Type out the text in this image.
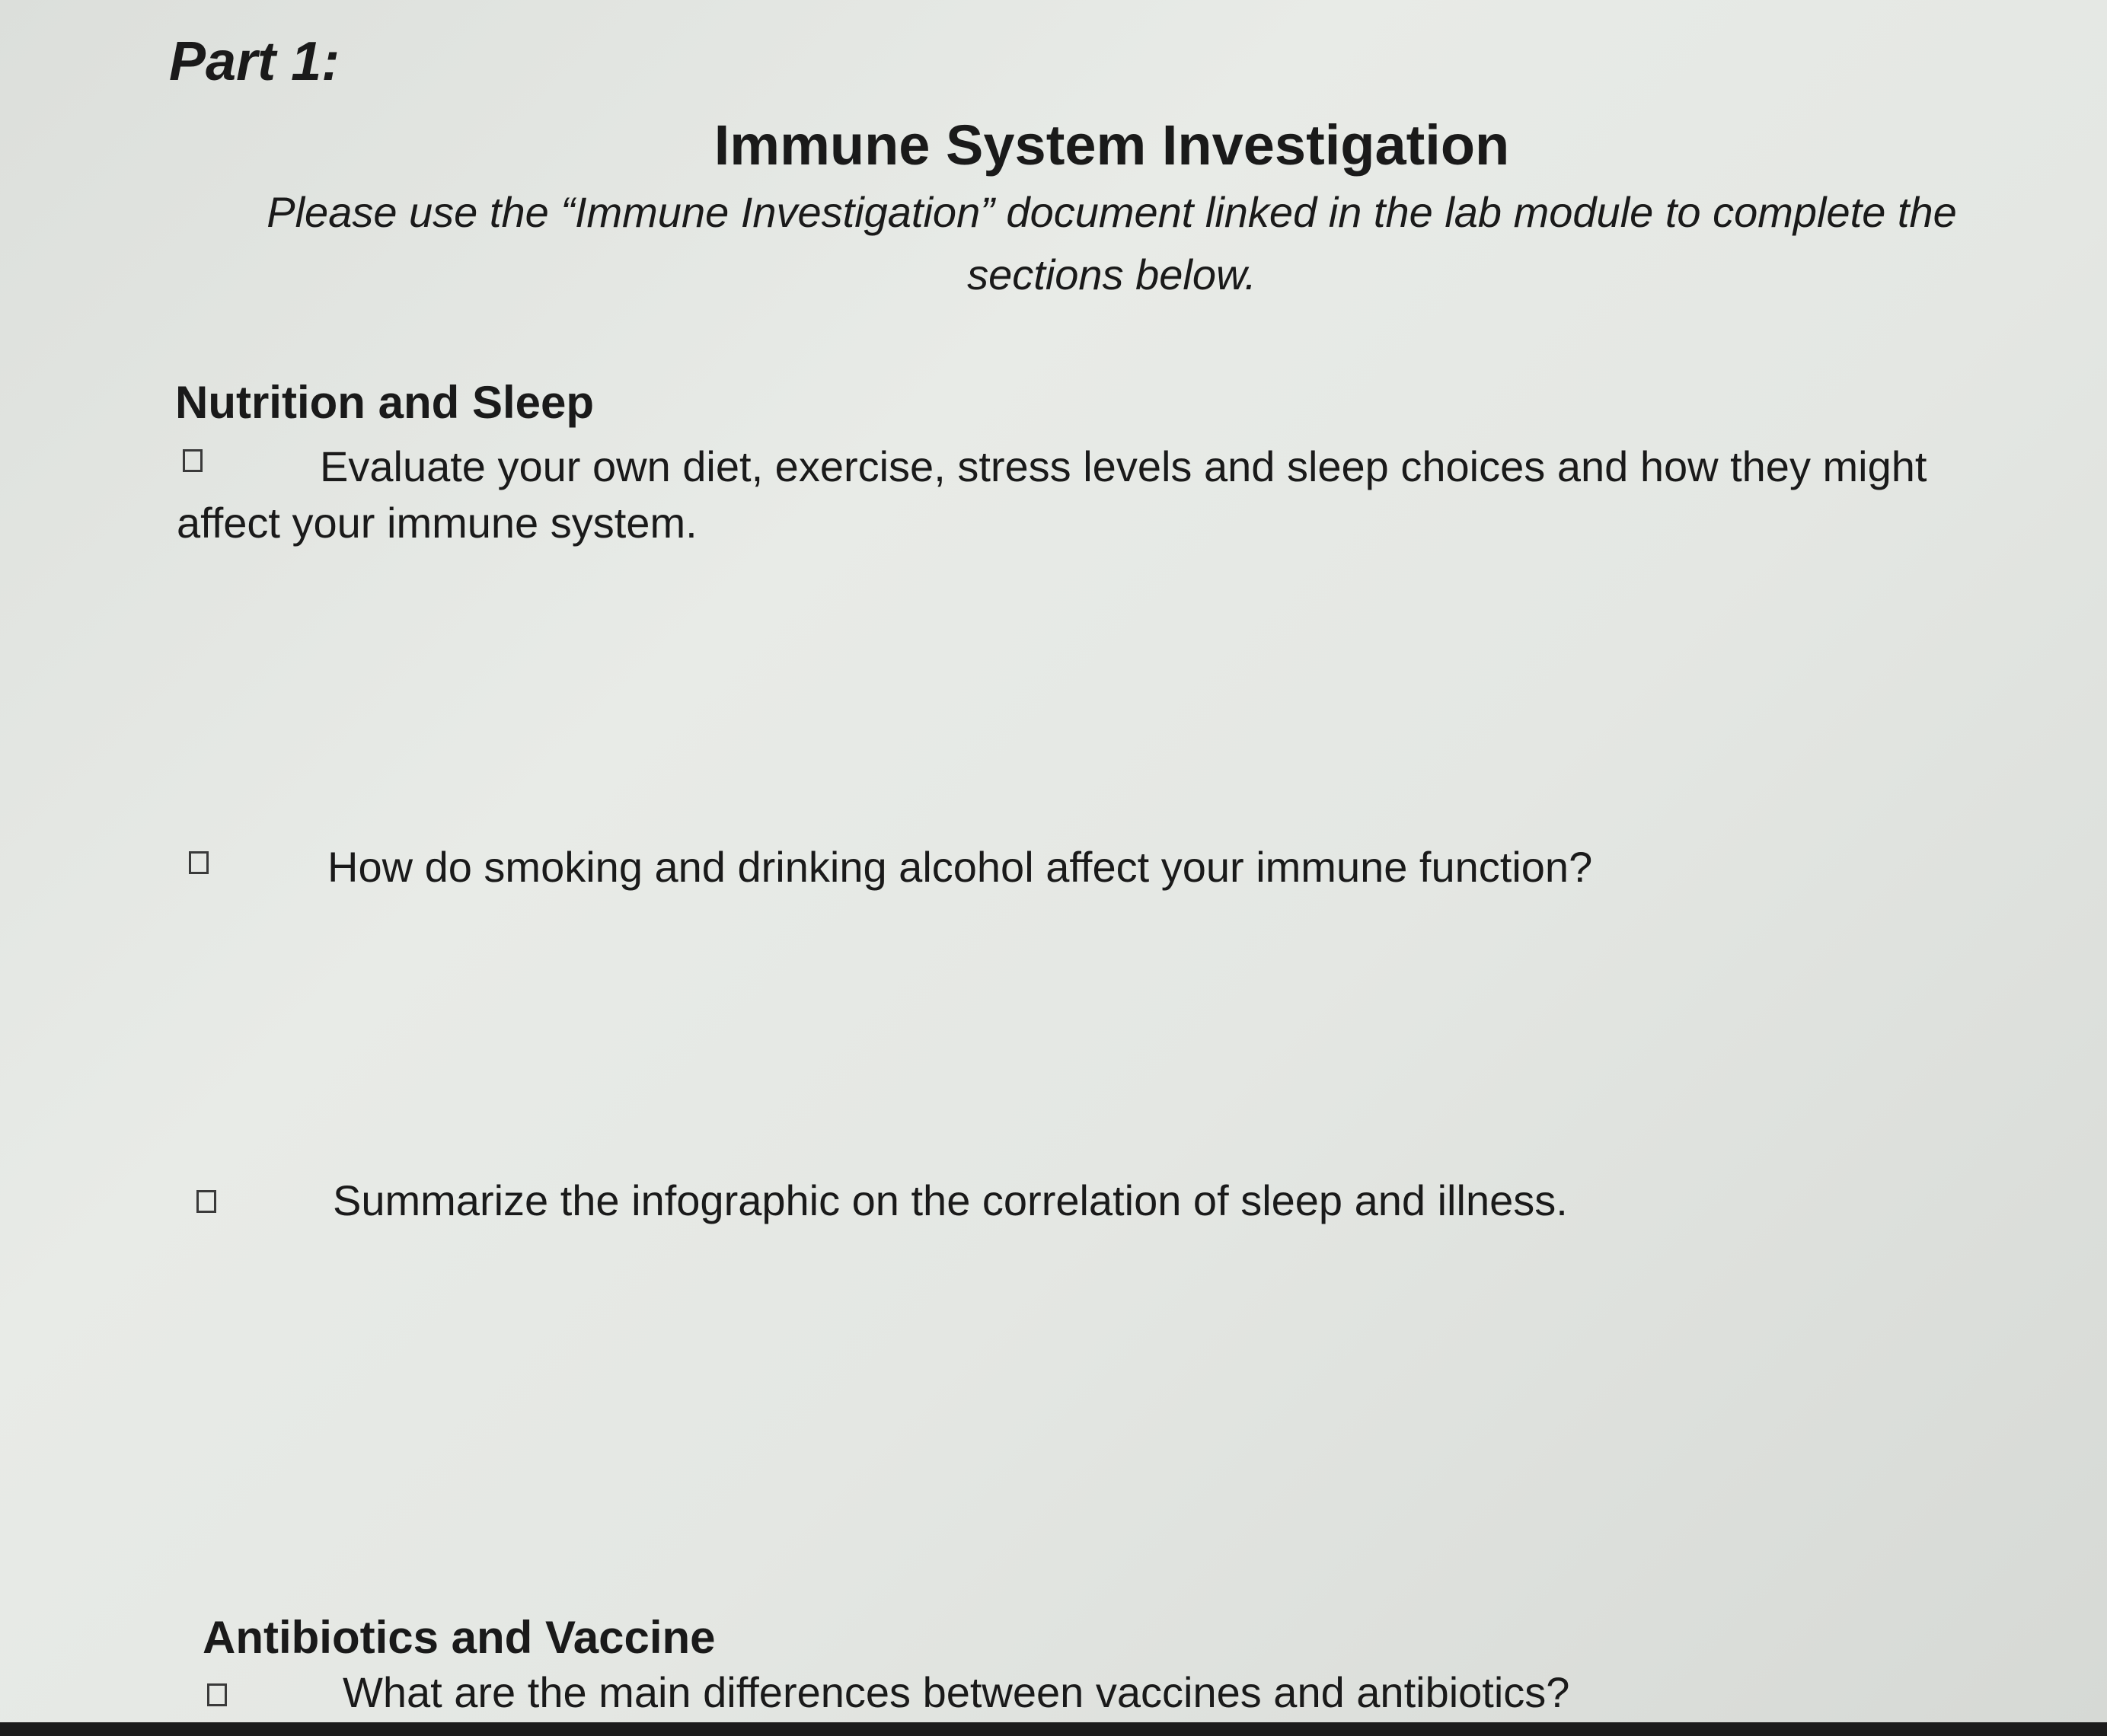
Part 1:

Immune System Investigation

Please use the “Immune Investigation” document linked in the lab module to complete the

sections below.

Nutrition and Sleep

Evaluate your own diet, exercise, stress levels and sleep choices and how they might

affect your immune system.

How do smoking and drinking alcohol affect your immune function?

Summarize the infographic on the correlation of sleep and illness.

Antibiotics and Vaccine

What are the main differences between vaccines and antibiotics?
